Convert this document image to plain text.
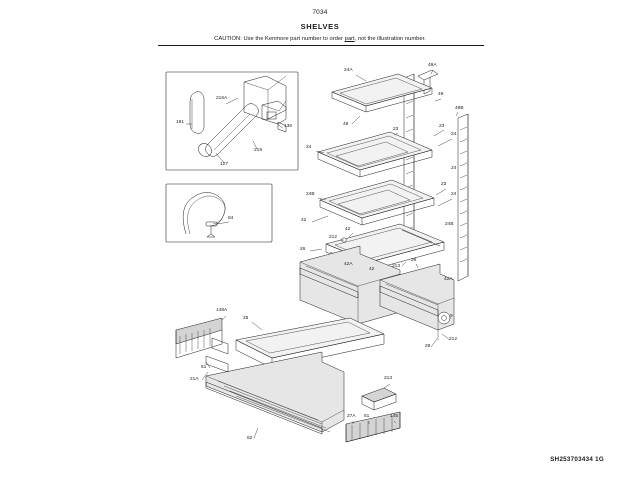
7034
SHELVES
CAUTION: Use the Kenmore part number to order part, not the illustration number.
216A
191
136
219
127
84
24A
49A
49
49B
49
23
23
24
24
24
24B
23
24
42
24B
26
212
42
42
42A	213
26
42A
9
28
212
148A
25
51
21A	213
27A 51	145
62
SH253703434 1G
